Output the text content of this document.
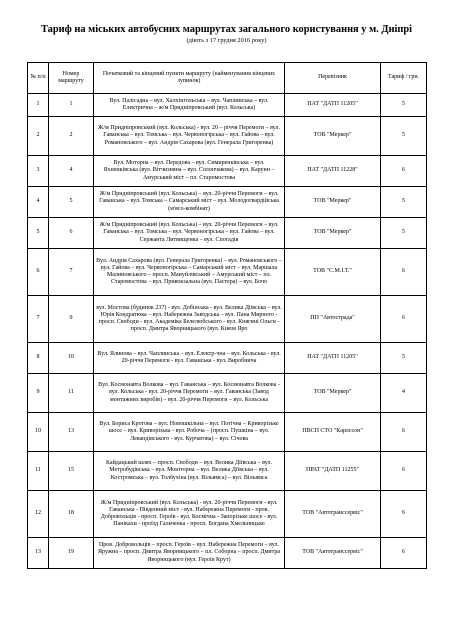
Тариф на міських автобусних маршрутах загального користування у м. Дніпрі
(діють з 17 грудня 2016 року)
№ п/п	Номер маршруту	Початковий та кінцевий пункти маршруту (найменування кінцевих зупинок)	Перевізник	Тариф / грн.
1	1	Вул. Палісадна – вул. Халхінгольська – вул. Чаплинська – вул. Електрична – ж/м Придніпровський (вул. Кольська)	ПАТ "ДАТП 11205"	5
2	2	Ж/м Придніпровський (вул. Кольська) - вул. 20 – річчя Перемоги – вул. Гаванська – вул. Томська – вул. Червоногірська – вул. Гайова – вул. Романовського – вул. Андрія Сахарова (вул. Генерала Григоренка)	ТОВ "Меркер"	5
3	4	Вул. Моторна – вул. Передова – вул. Симиренківська – вул. Яхненківська (вул. Вітчизняна – вул. Солончакова) – вул. Карунн – Амурський міст – пл. Старомостова	ПАТ "ДАТП 11228"	6
4	5	Ж/м Придніпровський (вул. Кольська) – вул. 20-річчя Перемоги – вул. Гаванська – вул. Томська – Самарський міст – вул. Молодогвардійська (м'ясо-комбінат)	ТОВ "Меркер"	5
5	6	Ж/м Придніпровський (вул. Кольська) – вул. 20-річчя Перемоги – вул. Гаванська – вул. Томська – вул. Червоногірська – вул. Гайова – вул. Сержанта Литвищенка – вул. Спогадів	ТОВ "Меркер"	5
6	7	Вул. Андрія Сахарова (вул. Генерала Григоренка) – вул. Романовського – вул. Гайова – вул. Червоногірська – Самарський міст – вул. Маршала Малиновського – просп. Мануйлівський – Амурський міст – пл. Старомостова – вул. Привокзальна (вул. Пастера) – вул. Бочо	ТОВ "С.М.І.Т."	6
7	9	вул. Мостова (будинок 237) - вул. Добінська - вул. Велика Діївська – вул. Юрія Кондратюка – вул. Набережна Заводська – вул. Пана Мирного - просп. Свободи - вул. Академіка Белелюбського - вул. Княгині Ольги - просп. Дмитра Яворницького (вул. Князя Яро	ПП "Автострада"	6
8	10	Вул. Ялинова – вул. Чаплинська – вул. Електр-чна – вул. Кольська - вул. 20-річчя Перемоги - вул. Гаванська - вул. Виробнича	ПАТ "ДАТП 11205"	5
9	11	Вул. Космонавта Волкова – вул. Гаванська – вул. Космонавта Волкова - вул. Кольська - вул. 20-річчя Перемоги – вул. Гаванська (Завод монтажних виробів) – вул. 20-річчя Перемоги – вул. Кольська	ТОВ "Меркер"	4
10	13	Вул. Бориса Кротова – вул. Новошкільна – вул. Потічна – Криворізьке шосе – вул. Криворізька - вул. Робоча – (просп. Пушкіна – вул. Левандівського - вул. Курчатова) – вул. Січова	ПВСП СТО "Карлссон"	6
11	15	Кайдацький шлях – просп. Свободи – вул. Велика Діївська – вул. Метробудівська – вул. Моніторна – вул. Велика Діївська – вул. Костромська – вул. Толбухіна (вул. Вільямса) – вул. Вільямса	ПРАТ "ДАТП 11255"	6
12	18	Ж/м Придніпровський (вул. Кольська) - вул. 20-річчя Перемоги - вул. Гаванська - Південний міст - вул. Набережна Перемоги - пров. Добровольців - просп. Героїв - вул. Космічна - Запорізьке шосе - вул. Панікахи - проїзд Гальченка - просп. Богдана Хмельницько	ТОВ "Автотранссервіс"	6
13	19	Пров. Добровольців – просп. Героїв – вул. Набережна Перемоги – вул. Яружна – просп. Дмитра Яворницького – пл. Соборна – просп. Дмитра Яворницького (вул. Героїв Крут)	ТОВ "Автотранссервіс"	6
